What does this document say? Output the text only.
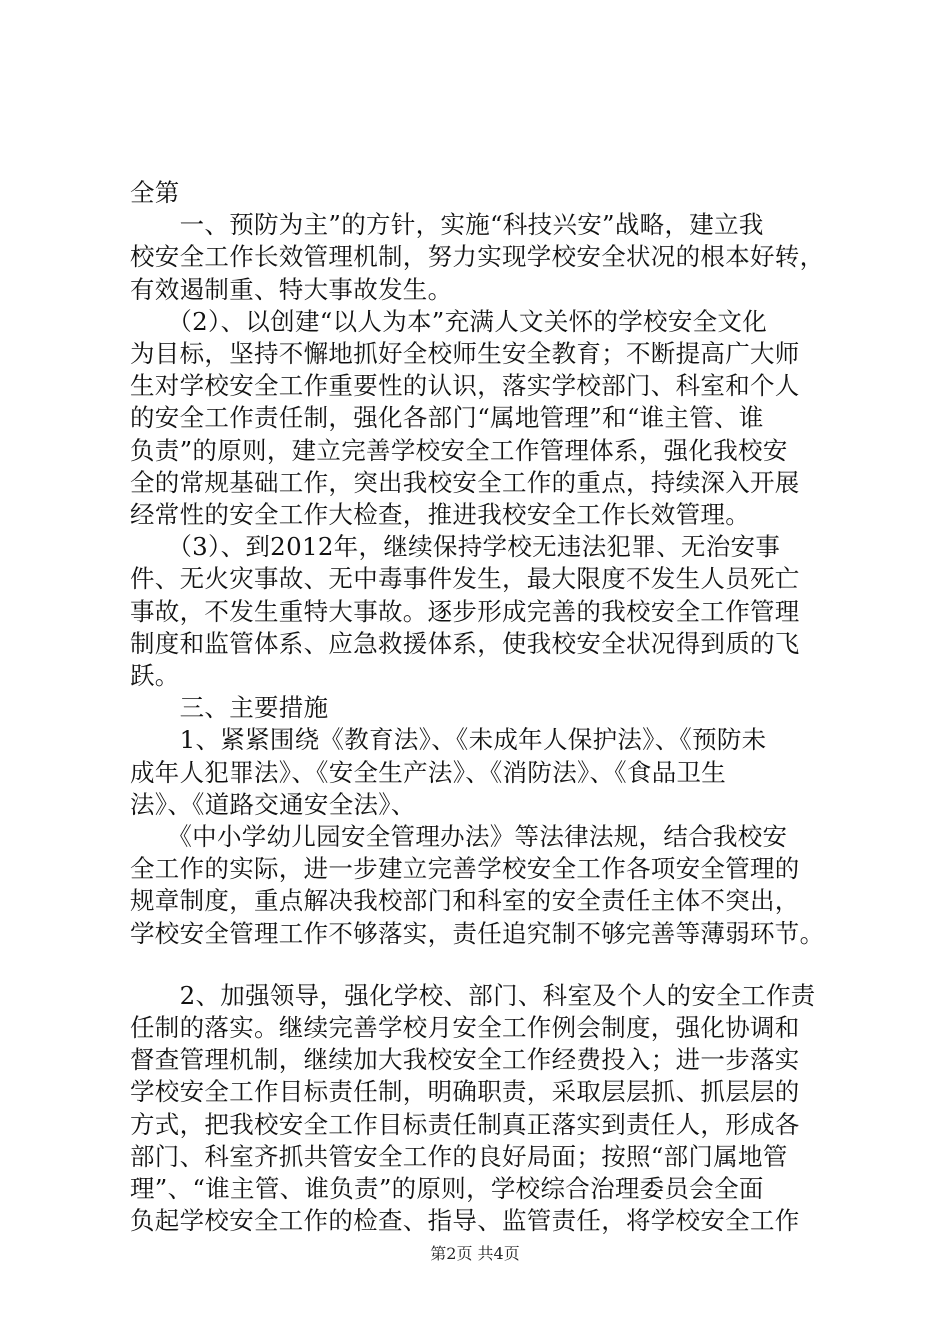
全第
　　一、预防为主”的方针，实施“科技兴安”战略，建立我
校安全工作长效管理机制，努力实现学校安全状况的根本好转，
有效遏制重、特大事故发生。
　　（2）、以创建“以人为本”充满人文关怀的学校安全文化
为目标，坚持不懈地抓好全校师生安全教育；不断提高广大师
生对学校安全工作重要性的认识，落实学校部门、科室和个人
的安全工作责任制，强化各部门“属地管理”和“谁主管、谁
负责”的原则，建立完善学校安全工作管理体系，强化我校安
全的常规基础工作，突出我校安全工作的重点，持续深入开展
经常性的安全工作大检查，推进我校安全工作长效管理。
　　（3）、到2012年，继续保持学校无违法犯罪、无治安事
件、无火灾事故、无中毒事件发生，最大限度不发生人员死亡
事故，不发生重特大事故。逐步形成完善的我校安全工作管理
制度和监管体系、应急救援体系，使我校安全状况得到质的飞
跃。
　　三、主要措施
　　1、紧紧围绕《教育法》、《未成年人保护法》、《预防未
成年人犯罪法》、《安全生产法》、《消防法》、《食品卫生
法》、《道路交通安全法》、
　　《中小学幼儿园安全管理办法》等法律法规，结合我校安
全工作的实际，进一步建立完善学校安全工作各项安全管理的
规章制度，重点解决我校部门和科室的安全责任主体不突出，
学校安全管理工作不够落实，责任追究制不够完善等薄弱环节。
　　2、加强领导，强化学校、部门、科室及个人的安全工作责
任制的落实。继续完善学校月安全工作例会制度，强化协调和
督查管理机制，继续加大我校安全工作经费投入；进一步落实
学校安全工作目标责任制，明确职责，采取层层抓、抓层层的
方式，把我校安全工作目标责任制真正落实到责任人，形成各
部门、科室齐抓共管安全工作的良好局面；按照“部门属地管
理”、“谁主管、谁负责”的原则，学校综合治理委员会全面
负起学校安全工作的检查、指导、监管责任，将学校安全工作
第2页 共4页
